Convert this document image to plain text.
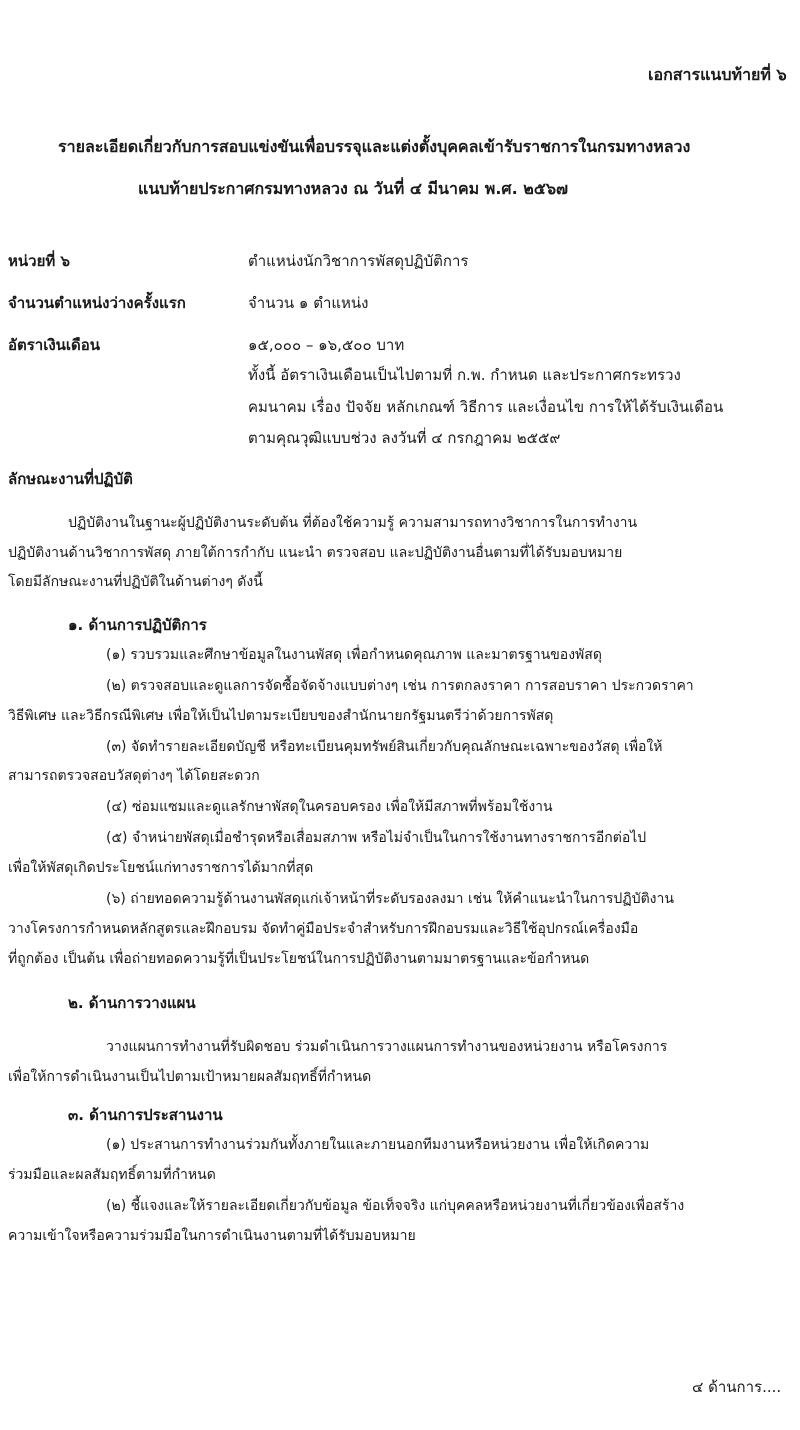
เอกสารแนบท้ายที่ ๖
รายละเอียดเกี่ยวกับการสอบแข่งขันเพื่อบรรจุและแต่งตั้งบุคคลเข้ารับราชการในกรมทางหลวง
แนบท้ายประกาศกรมทางหลวง ณ วันที่ ๔ มีนาคม พ.ศ. ๒๕๖๗
หน่วยที่ ๖	ตำแหน่งนักวิชาการพัสดุปฏิบัติการ
จำนวนตำแหน่งว่างครั้งแรก	จำนวน ๑ ตำแหน่ง
อัตราเงินเดือน	๑๕,๐๐๐ – ๑๖,๕๐๐ บาท
ทั้งนี้ อัตราเงินเดือนเป็นไปตามที่ ก.พ. กำหนด และประกาศกระทรวง
คมนาคม เรื่อง ปัจจัย หลักเกณฑ์ วิธีการ และเงื่อนไข การให้ได้รับเงินเดือน
ตามคุณวุฒิแบบช่วง ลงวันที่ ๔ กรกฎาคม ๒๕๕๙
ลักษณะงานที่ปฏิบัติ
ปฏิบัติงานในฐานะผู้ปฏิบัติงานระดับต้น ที่ต้องใช้ความรู้ ความสามารถทางวิชาการในการทำงาน
ปฏิบัติงานด้านวิชาการพัสดุ ภายใต้การกำกับ แนะนำ ตรวจสอบ และปฏิบัติงานอื่นตามที่ได้รับมอบหมาย
โดยมีลักษณะงานที่ปฏิบัติในด้านต่างๆ ดังนี้
๑. ด้านการปฏิบัติการ
(๑) รวบรวมและศึกษาข้อมูลในงานพัสดุ เพื่อกำหนดคุณภาพ และมาตรฐานของพัสดุ
(๒) ตรวจสอบและดูแลการจัดซื้อจัดจ้างแบบต่างๆ เช่น การตกลงราคา การสอบราคา ประกวดราคา
วิธีพิเศษ และวิธีกรณีพิเศษ เพื่อให้เป็นไปตามระเบียบของสำนักนายกรัฐมนตรีว่าด้วยการพัสดุ
(๓) จัดทำรายละเอียดบัญชี หรือทะเบียนคุมทรัพย์สินเกี่ยวกับคุณลักษณะเฉพาะของวัสดุ เพื่อให้
สามารถตรวจสอบวัสดุต่างๆ ได้โดยสะดวก
(๔) ซ่อมแซมและดูแลรักษาพัสดุในครอบครอง เพื่อให้มีสภาพที่พร้อมใช้งาน
(๕) จำหน่ายพัสดุเมื่อชำรุดหรือเสื่อมสภาพ หรือไม่จำเป็นในการใช้งานทางราชการอีกต่อไป
เพื่อให้พัสดุเกิดประโยชน์แก่ทางราชการได้มากที่สุด
(๖) ถ่ายทอดความรู้ด้านงานพัสดุแก่เจ้าหน้าที่ระดับรองลงมา เช่น ให้คำแนะนำในการปฏิบัติงาน
วางโครงการกำหนดหลักสูตรและฝึกอบรม จัดทำคู่มือประจำสำหรับการฝึกอบรมและวิธีใช้อุปกรณ์เครื่องมือ
ที่ถูกต้อง เป็นต้น เพื่อถ่ายทอดความรู้ที่เป็นประโยชน์ในการปฏิบัติงานตามมาตรฐานและข้อกำหนด
๒. ด้านการวางแผน
วางแผนการทำงานที่รับผิดชอบ ร่วมดำเนินการวางแผนการทำงานของหน่วยงาน หรือโครงการ
เพื่อให้การดำเนินงานเป็นไปตามเป้าหมายผลสัมฤทธิ์ที่กำหนด
๓. ด้านการประสานงาน
(๑) ประสานการทำงานร่วมกันทั้งภายในและภายนอกทีมงานหรือหน่วยงาน เพื่อให้เกิดความ
ร่วมมือและผลสัมฤทธิ์ตามที่กำหนด
(๒) ชี้แจงและให้รายละเอียดเกี่ยวกับข้อมูล ข้อเท็จจริง แก่บุคคลหรือหน่วยงานที่เกี่ยวข้องเพื่อสร้าง
ความเข้าใจหรือความร่วมมือในการดำเนินงานตามที่ได้รับมอบหมาย
๔ ด้านการ....
